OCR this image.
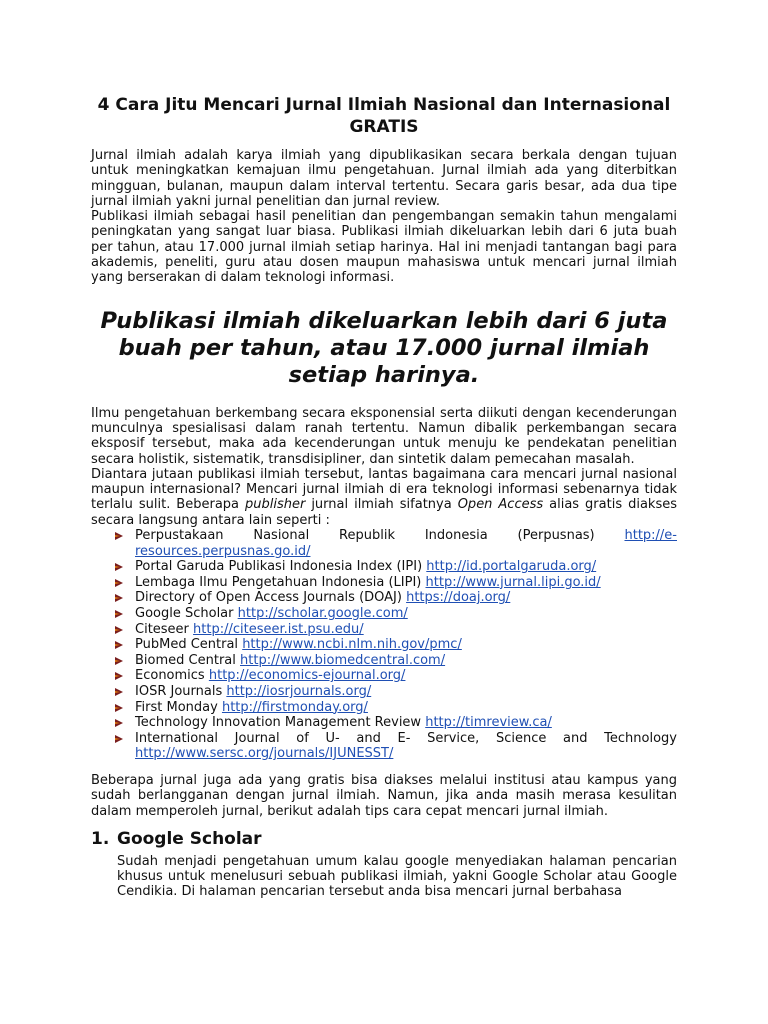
4 Cara Jitu Mencari Jurnal Ilmiah Nasional dan Internasional GRATIS

Jurnal ilmiah adalah karya ilmiah yang dipublikasikan secara berkala dengan tujuan untuk meningkatkan kemajuan ilmu pengetahuan. Jurnal ilmiah ada yang diterbitkan mingguan, bulanan, maupun dalam interval tertentu. Secara garis besar, ada dua tipe jurnal ilmiah yakni jurnal penelitian dan jurnal review.

Publikasi ilmiah sebagai hasil penelitian dan pengembangan semakin tahun mengalami peningkatan yang sangat luar biasa. Publikasi ilmiah dikeluarkan lebih dari 6 juta buah per tahun, atau 17.000 jurnal ilmiah setiap harinya. Hal ini menjadi tantangan bagi para akademis, peneliti, guru atau dosen maupun mahasiswa untuk mencari jurnal ilmiah yang berserakan di dalam teknologi informasi.

Publikasi ilmiah dikeluarkan lebih dari 6 juta buah per tahun, atau 17.000 jurnal ilmiah setiap harinya.

Ilmu pengetahuan berkembang secara eksponensial serta diikuti dengan kecenderungan munculnya spesialisasi dalam ranah tertentu. Namun dibalik perkembangan secara eksposif tersebut, maka ada kecenderungan untuk menuju ke pendekatan penelitian secara holistik, sistematik, transdisipliner, dan sintetik dalam pemecahan masalah.

Diantara jutaan publikasi ilmiah tersebut, lantas bagaimana cara mencari jurnal nasional maupun internasional? Mencari jurnal ilmiah di era teknologi informasi sebenarnya tidak terlalu sulit. Beberapa publisher jurnal ilmiah sifatnya Open Access alias gratis diakses secara langsung antara lain seperti :

Perpustakaan Nasional Republik Indonesia (Perpusnas) http://e-resources.perpusnas.go.id/
Portal Garuda Publikasi Indonesia Index (IPI) http://id.portalgaruda.org/
Lembaga Ilmu Pengetahuan Indonesia (LIPI) http://www.jurnal.lipi.go.id/
Directory of Open Access Journals (DOAJ) https://doaj.org/
Google Scholar http://scholar.google.com/
Citeseer http://citeseer.ist.psu.edu/
PubMed Central http://www.ncbi.nlm.nih.gov/pmc/
Biomed Central http://www.biomedcentral.com/
Economics http://economics-ejournal.org/
IOSR Journals http://iosrjournals.org/
First Monday http://firstmonday.org/
Technology Innovation Management Review http://timreview.ca/
International Journal of U- and E- Service, Science and Technology http://www.sersc.org/journals/IJUNESST/

Beberapa jurnal juga ada yang gratis bisa diakses melalui institusi atau kampus yang sudah berlangganan dengan jurnal ilmiah. Namun, jika anda masih merasa kesulitan dalam memperoleh jurnal, berikut adalah tips cara cepat mencari jurnal ilmiah.

1. Google Scholar

Sudah menjadi pengetahuan umum kalau google menyediakan halaman pencarian khusus untuk menelusuri sebuah publikasi ilmiah, yakni Google Scholar atau Google Cendikia. Di halaman pencarian tersebut anda bisa mencari jurnal berbahasa
